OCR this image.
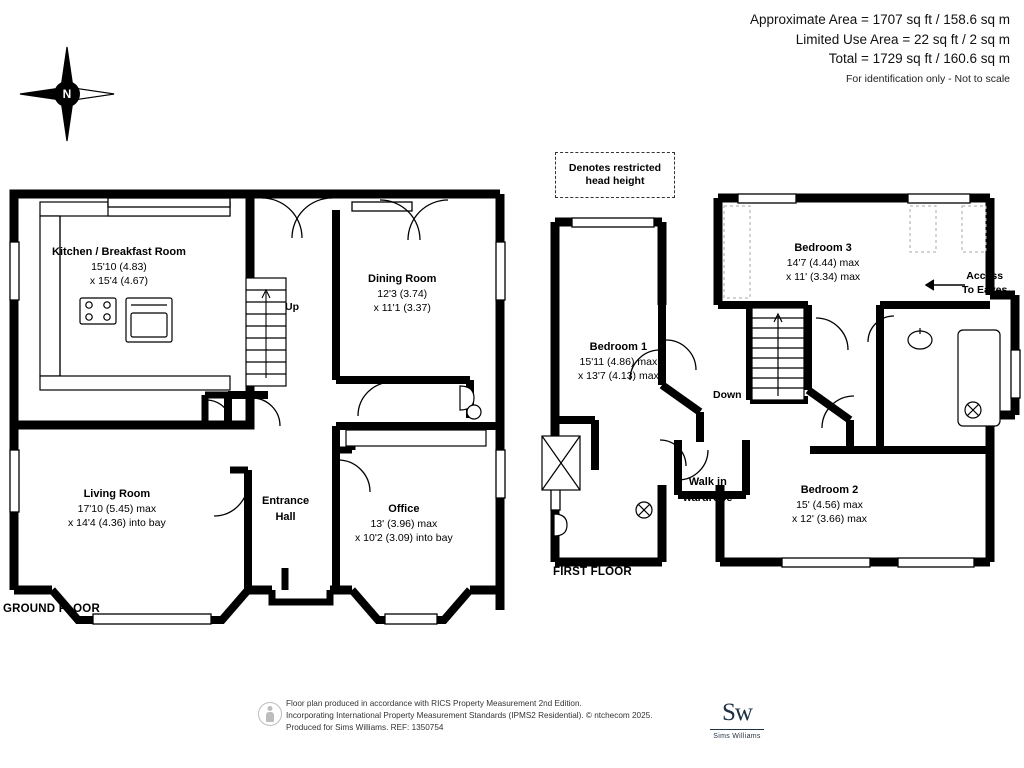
Approximate Area = 1707 sq ft / 158.6 sq m
Limited Use Area = 22 sq ft / 2 sq m
Total = 1729 sq ft / 160.6 sq m
For identification only - Not to scale
N
Denotes restricted
head height
Kitchen / Breakfast Room
15'10 (4.83)
x 15'4 (4.67)	Dining Room
12'3 (3.74)
x 11'1 (3.37)
Living Room
17'10 (5.45) max
x 14'4 (4.36) into bay
Entrance
Hall
Office
13' (3.96) max
x 10'2 (3.09) into bay
Up
GROUND FLOOR
Bedroom 1
15'11 (4.86) max
x 13'7 (4.13) max
Bedroom 3
14'7 (4.44) max
x 11' (3.34) max
Bedroom 2
15' (4.56) max
x 12' (3.66) max
Walk in
wardrobe
Down
Access
To Eaves
FIRST FLOOR
Floor plan produced in accordance with RICS Property Measurement 2nd Edition.
Incorporating International Property Measurement Standards (IPMS2 Residential). © ntchecom 2025.
Produced for Sims Williams. REF: 1350754
Sw
Sims Williams
